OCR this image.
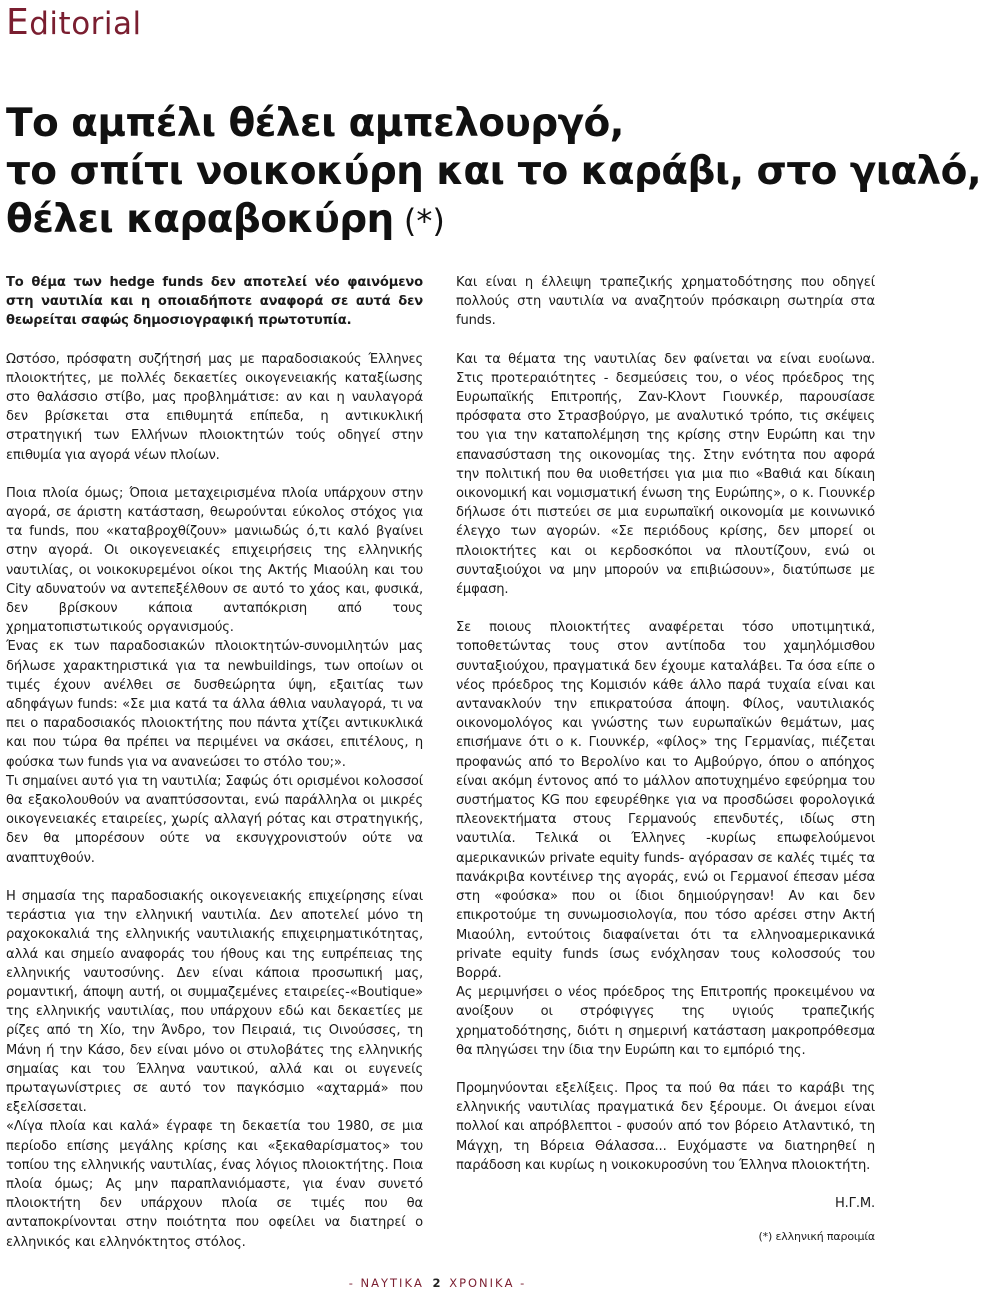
Editorial
Το αμπέλι θέλει αμπελουργό,
το σπίτι νοικοκύρη και το καράβι, στο γιαλό,
θέλει καραβοκύρη (*)

Το θέμα των hedge funds δεν αποτελεί νέο φαινόμενο στη ναυτιλία και η οποιαδήποτε αναφορά σε αυτά δεν θεωρείται σαφώς δημοσιογραφική πρωτοτυπία.

Ωστόσο, πρόσφατη συζήτησή μας με παραδοσιακούς Έλληνες πλοιοκτήτες, με πολλές δεκαετίες οικογενειακής καταξίωσης στο θαλάσσιο στίβο, μας προβλημάτισε: αν και η ναυλαγορά δεν βρίσκεται στα επιθυμητά επίπεδα, η αντικυκλική στρατηγική των Ελλήνων πλοιοκτητών τούς οδηγεί στην επιθυμία για αγορά νέων πλοίων.

Ποια πλοία όμως; Όποια μεταχειρισμένα πλοία υπάρχουν στην αγορά, σε άριστη κατάσταση, θεωρούνται εύκολος στόχος για τα funds, που «καταβροχθίζουν» μανιωδώς ό,τι καλό βγαίνει στην αγορά. Οι οικογενειακές επιχειρήσεις της ελληνικής ναυτιλίας, οι νοικοκυρεμένοι οίκοι της Ακτής Μιαούλη και του City αδυνατούν να αντεπεξέλθουν σε αυτό το χάος και, φυσικά, δεν βρίσκουν κάποια ανταπόκριση από τους χρηματοπιστωτικούς οργανισμούς.

Ένας εκ των παραδοσιακών πλοιοκτητών-συνομιλητών μας δήλωσε χαρακτηριστικά για τα newbuildings, των οποίων οι τιμές έχουν ανέλθει σε δυσθεώρητα ύψη, εξαιτίας των αδηφάγων funds: «Σε μια κατά τα άλλα άθλια ναυλαγορά, τι να πει ο παραδοσιακός πλοιοκτήτης που πάντα χτίζει αντικυκλικά και που τώρα θα πρέπει να περιμένει να σκάσει, επιτέλους, η φούσκα των funds για να ανανεώσει το στόλο του;».

Τι σημαίνει αυτό για τη ναυτιλία; Σαφώς ότι ορισμένοι κολοσσοί θα εξακολουθούν να αναπτύσσονται, ενώ παράλληλα οι μικρές οικογενειακές εταιρείες, χωρίς αλλαγή ρότας και στρατηγικής, δεν θα μπορέσουν ούτε να εκσυγχρονιστούν ούτε να αναπτυχθούν.

Η σημασία της παραδοσιακής οικογενειακής επιχείρησης είναι τεράστια για την ελληνική ναυτιλία. Δεν αποτελεί μόνο τη ραχοκοκαλιά της ελληνικής ναυτιλιακής επιχειρηματικότητας, αλλά και σημείο αναφοράς του ήθους και της ευπρέπειας της ελληνικής ναυτοσύνης. Δεν είναι κάποια προσωπική μας, ρομαντική, άποψη αυτή, οι συμμαζεμένες εταιρείες-«Boutique» της ελληνικής ναυτιλίας, που υπάρχουν εδώ και δεκαετίες με ρίζες από τη Χίο, την Άνδρο, τον Πειραιά, τις Οινούσσες, τη Μάνη ή την Κάσο, δεν είναι μόνο οι στυλοβάτες της ελληνικής σημαίας και του Έλληνα ναυτικού, αλλά και οι ευγενείς πρωταγωνίστριες σε αυτό τον παγκόσμιο «αχταρμά» που εξελίσσεται.

«Λίγα πλοία και καλά» έγραφε τη δεκαετία του 1980, σε μια περίοδο επίσης μεγάλης κρίσης και «ξεκαθαρίσματος» του τοπίου της ελληνικής ναυτιλίας, ένας λόγιος πλοιοκτήτης. Ποια πλοία όμως; Ας μην παραπλανιόμαστε, για έναν συνετό πλοιοκτήτη δεν υπάρχουν πλοία σε τιμές που θα ανταποκρίνονται στην ποιότητα που οφείλει να διατηρεί ο ελληνικός και ελληνόκτητος στόλος.

Και είναι η έλλειψη τραπεζικής χρηματοδότησης που οδηγεί πολλούς στη ναυτιλία να αναζητούν πρόσκαιρη σωτηρία στα funds.

Και τα θέματα της ναυτιλίας δεν φαίνεται να είναι ευοίωνα. Στις προτεραιότητες - δεσμεύσεις του, ο νέος πρόεδρος της Ευρωπαϊκής Επιτροπής, Ζαν-Κλοντ Γιουνκέρ, παρουσίασε πρόσφατα στο Στρασβούργο, με αναλυτικό τρόπο, τις σκέψεις του για την καταπολέμηση της κρίσης στην Ευρώπη και την επανασύσταση της οικονομίας της. Στην ενότητα που αφορά την πολιτική που θα υιοθετήσει για μια πιο «Βαθιά και δίκαιη οικονομική και νομισματική ένωση της Ευρώπης», ο κ. Γιουνκέρ δήλωσε ότι πιστεύει σε μια ευρωπαϊκή οικονομία με κοινωνικό έλεγχο των αγορών. «Σε περιόδους κρίσης, δεν μπορεί οι πλοιοκτήτες και οι κερδοσκόποι να πλουτίζουν, ενώ οι συνταξιούχοι να μην μπορούν να επιβιώσουν», διατύπωσε με έμφαση.

Σε ποιους πλοιοκτήτες αναφέρεται τόσο υποτιμητικά, τοποθετώντας τους στον αντίποδα του χαμηλόμισθου συνταξιούχου, πραγματικά δεν έχουμε καταλάβει. Τα όσα είπε ο νέος πρόεδρος της Κομισιόν κάθε άλλο παρά τυχαία είναι και αντανακλούν την επικρατούσα άποψη. Φίλος, ναυτιλιακός οικονομολόγος και γνώστης των ευρωπαϊκών θεμάτων, μας επισήμανε ότι ο κ. Γιουνκέρ, «φίλος» της Γερμανίας, πιέζεται προφανώς από το Βερολίνο και το Αμβούργο, όπου ο απόηχος είναι ακόμη έντονος από το μάλλον αποτυχημένο εφεύρημα του συστήματος KG που εφευρέθηκε για να προσδώσει φορολογικά πλεονεκτήματα στους Γερμανούς επενδυτές, ιδίως στη ναυτιλία. Τελικά οι Έλληνες -κυρίως επωφελούμενοι αμερικανικών private equity funds- αγόρασαν σε καλές τιμές τα πανάκριβα κοντέινερ της αγοράς, ενώ οι Γερμανοί έπεσαν μέσα στη «φούσκα» που οι ίδιοι δημιούργησαν! Αν και δεν επικροτούμε τη συνωμοσιολογία, που τόσο αρέσει στην Ακτή Μιαούλη, εντούτοις διαφαίνεται ότι τα ελληνοαμερικανικά private equity funds ίσως ενόχλησαν τους κολοσσούς του Βορρά.

Ας μεριμνήσει ο νέος πρόεδρος της Επιτροπής προκειμένου να ανοίξουν οι στρόφιγγες της υγιούς τραπεζικής χρηματοδότησης, διότι η σημερινή κατάσταση μακροπρόθεσμα θα πληγώσει την ίδια την Ευρώπη και το εμπόριό της.

Προμηνύονται εξελίξεις. Προς τα πού θα πάει το καράβι της ελληνικής ναυτιλίας πραγματικά δεν ξέρουμε. Οι άνεμοι είναι πολλοί και απρόβλεπτοι - φυσούν από τον βόρειο Ατλαντικό, τη Μάγχη, τη Βόρεια Θάλασσα... Ευχόμαστε να διατηρηθεί η παράδοση και κυρίως η νοικοκυροσύνη του Έλληνα πλοιοκτήτη.

Η.Γ.Μ.

(*) ελληνική παροιμία

- ΝΑΥΤΙΚΑ 2 ΧΡΟΝΙΚΑ -
